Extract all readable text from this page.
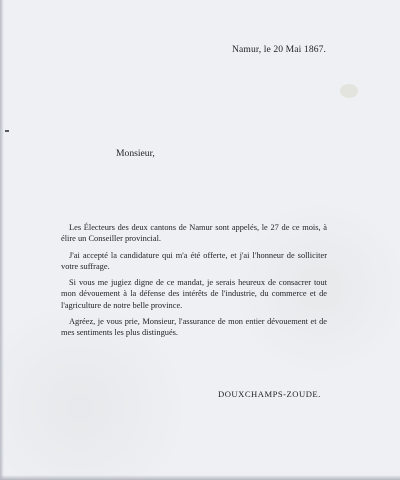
Namur, le 20 Mai 1867.
Monsieur,

Les Électeurs des deux cantons de Namur sont appelés, le 27 de ce mois, à élire un Conseiller provincial.

J'ai accepté la candidature qui m'a été offerte, et j'ai l'honneur de solliciter votre suffrage.

Si vous me jugiez digne de ce mandat, je serais heureux de consacrer tout mon dévouement à la défense des intérêts de l'industrie, du commerce et de l'agriculture de notre belle province.

Agréez, je vous prie, Monsieur, l'assurance de mon entier dévouement et de mes sentiments les plus distingués.

DOUXCHAMPS-ZOUDE.
